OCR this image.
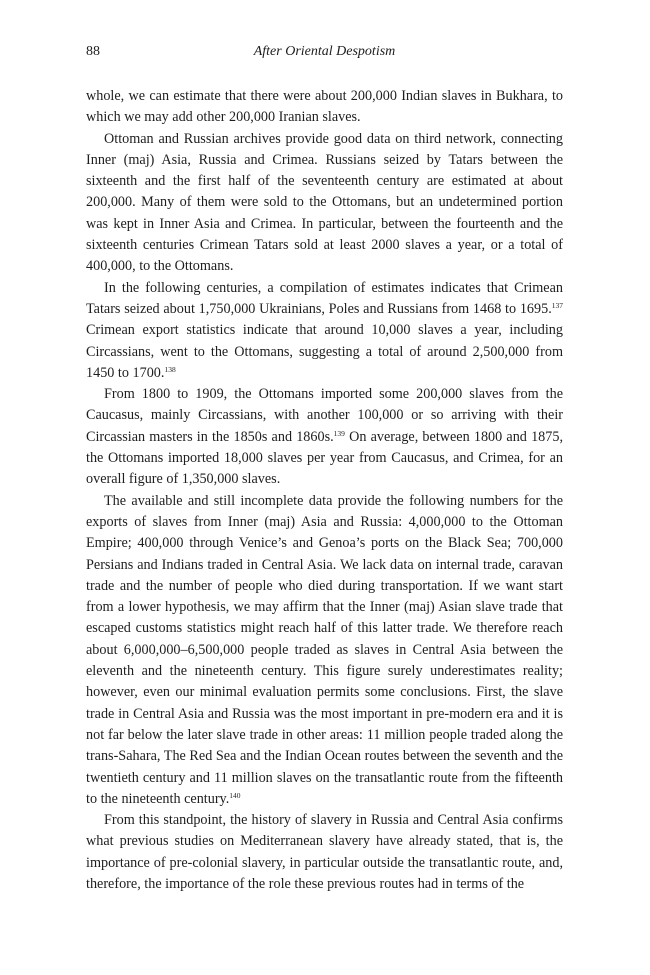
88	After Oriental Despotism

whole, we can estimate that there were about 200,000 Indian slaves in Bukhara, to which we may add other 200,000 Iranian slaves.

Ottoman and Russian archives provide good data on third network, connecting Inner (maj) Asia, Russia and Crimea. Russians seized by Tatars between the sixteenth and the first half of the seventeenth century are estimated at about 200,000. Many of them were sold to the Ottomans, but an undetermined portion was kept in Inner Asia and Crimea. In particular, between the fourteenth and the sixteenth centuries Crimean Tatars sold at least 2000 slaves a year, or a total of 400,000, to the Ottomans.

In the following centuries, a compilation of estimates indicates that Crimean Tatars seized about 1,750,000 Ukrainians, Poles and Russians from 1468 to 1695.$^{137}$ Crimean export statistics indicate that around 10,000 slaves a year, including Circassians, went to the Ottomans, suggesting a total of around 2,500,000 from 1450 to 1700.$^{138}$

From 1800 to 1909, the Ottomans imported some 200,000 slaves from the Caucasus, mainly Circassians, with another 100,000 or so arriving with their Circassian masters in the 1850s and 1860s.$^{139}$ On average, between 1800 and 1875, the Ottomans imported 18,000 slaves per year from Caucasus, and Crimea, for an overall figure of 1,350,000 slaves.

The available and still incomplete data provide the following numbers for the exports of slaves from Inner (maj) Asia and Russia: 4,000,000 to the Ottoman Empire; 400,000 through Venice’s and Genoa’s ports on the Black Sea; 700,000 Persians and Indians traded in Central Asia. We lack data on internal trade, caravan trade and the number of people who died during transportation. If we want start from a lower hypothesis, we may affirm that the Inner (maj) Asian slave trade that escaped customs statistics might reach half of this latter trade. We therefore reach about 6,000,000–6,500,000 people traded as slaves in Central Asia between the eleventh and the nineteenth century. This figure surely underestimates reality; however, even our minimal evaluation permits some conclusions. First, the slave trade in Central Asia and Russia was the most important in pre-modern era and it is not far below the later slave trade in other areas: 11 million people traded along the trans-Sahara, The Red Sea and the Indian Ocean routes between the seventh and the twentieth century and 11 million slaves on the transatlantic route from the fifteenth to the nineteenth century.$^{140}$

From this standpoint, the history of slavery in Russia and Central Asia confirms what previous studies on Mediterranean slavery have already stated, that is, the importance of pre-colonial slavery, in particular outside the transatlantic route, and, therefore, the importance of the role these previous routes had in terms of the
